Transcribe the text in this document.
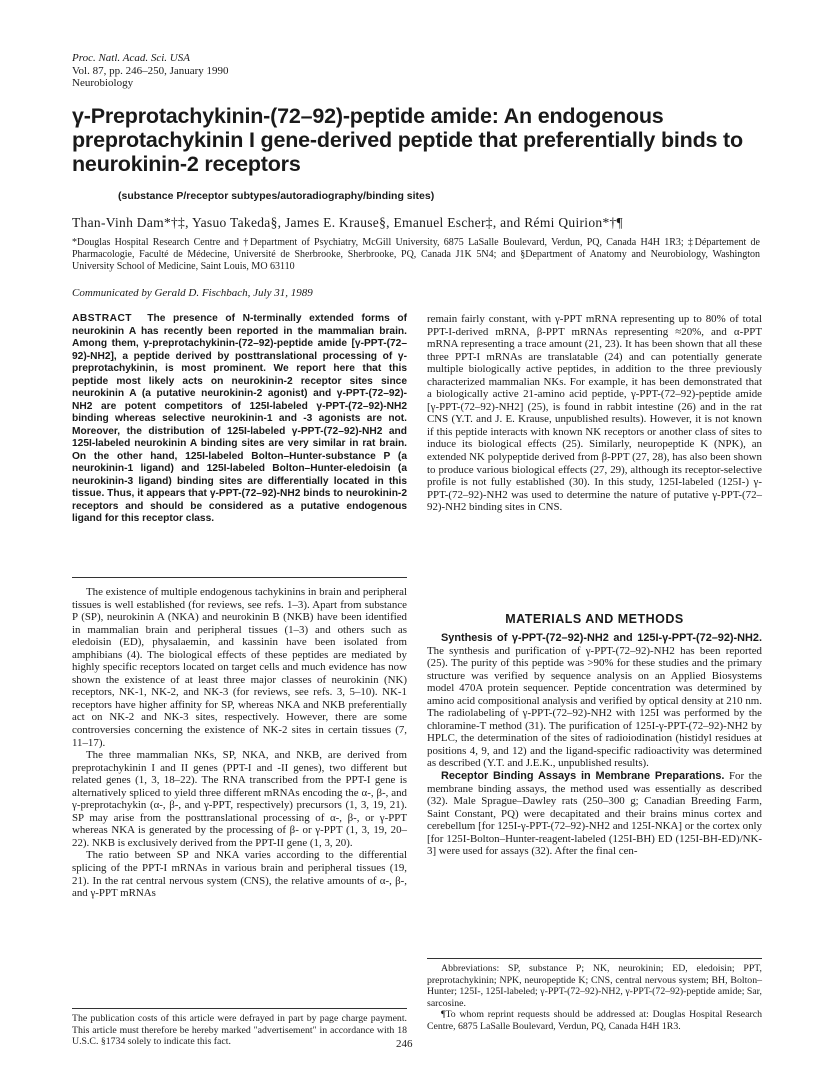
Proc. Natl. Acad. Sci. USA
Vol. 87, pp. 246–250, January 1990
Neurobiology
γ-Preprotachykinin-(72–92)-peptide amide: An endogenous preprotachykinin I gene-derived peptide that preferentially binds to neurokinin-2 receptors
(substance P/receptor subtypes/autoradiography/binding sites)
Than-Vinh Dam*†‡, Yasuo Takeda§, James E. Krause§, Emanuel Escher‡, and Rémi Quirion*†¶
*Douglas Hospital Research Centre and †Department of Psychiatry, McGill University, 6875 LaSalle Boulevard, Verdun, PQ, Canada H4H 1R3; ‡Département de Pharmacologie, Faculté de Médecine, Université de Sherbrooke, Sherbrooke, PQ, Canada J1K 5N4; and §Department of Anatomy and Neurobiology, Washington University School of Medicine, Saint Louis, MO 63110
Communicated by Gerald D. Fischbach, July 31, 1989
ABSTRACT The presence of N-terminally extended forms of neurokinin A has recently been reported in the mammalian brain. Among them, γ-preprotachykinin-(72–92)-peptide amide [γ-PPT-(72–92)-NH2], a peptide derived by posttranslational processing of γ-preprotachykinin, is most prominent. We report here that this peptide most likely acts on neurokinin-2 receptor sites since neurokinin A (a putative neurokinin-2 agonist) and γ-PPT-(72–92)-NH2 are potent competitors of 125I-labeled γ-PPT-(72–92)-NH2 binding whereas selective neurokinin-1 and -3 agonists are not. Moreover, the distribution of 125I-labeled γ-PPT-(72–92)-NH2 and 125I-labeled neurokinin A binding sites are very similar in rat brain. On the other hand, 125I-labeled Bolton–Hunter-substance P (a neurokinin-1 ligand) and 125I-labeled Bolton–Hunter-eledoisin (a neurokinin-3 ligand) binding sites are differentially located in this tissue. Thus, it appears that γ-PPT-(72–92)-NH2 binds to neurokinin-2 receptors and should be considered as a putative endogenous ligand for this receptor class.

The existence of multiple endogenous tachykinins in brain and peripheral tissues is well established (for reviews, see refs. 1–3). Apart from substance P (SP), neurokinin A (NKA) and neurokinin B (NKB) have been identified in mammalian brain and peripheral tissues (1–3) and others such as eledoisin (ED), physalaemin, and kassinin have been isolated from amphibians (4). The biological effects of these peptides are mediated by highly specific receptors located on target cells and much evidence has now shown the existence of at least three major classes of neurokinin (NK) receptors, NK-1, NK-2, and NK-3 (for reviews, see refs. 3, 5–10). NK-1 receptors have higher affinity for SP, whereas NKA and NKB preferentially act on NK-2 and NK-3 sites, respectively. However, there are some controversies concerning the existence of NK-2 sites in certain tissues (7, 11–17).

The three mammalian NKs, SP, NKA, and NKB, are derived from preprotachykinin I and II genes (PPT-I and -II genes), two different but related genes (1, 3, 18–22). The RNA transcribed from the PPT-I gene is alternatively spliced to yield three different mRNAs encoding the α-, β-, and γ-preprotachykin (α-, β-, and γ-PPT, respectively) precursors (1, 3, 19, 21). SP may arise from the posttranslational processing of α-, β-, or γ-PPT whereas NKA is generated by the processing of β- or γ-PPT (1, 3, 19, 20–22). NKB is exclusively derived from the PPT-II gene (1, 3, 20).

The ratio between SP and NKA varies according to the differential splicing of the PPT-I mRNAs in various brain and peripheral tissues (19, 21). In the rat central nervous system (CNS), the relative amounts of α-, β-, and γ-PPT mRNAs

The publication costs of this article were defrayed in part by page charge payment. This article must therefore be hereby marked "advertisement" in accordance with 18 U.S.C. §1734 solely to indicate this fact.

remain fairly constant, with γ-PPT mRNA representing up to 80% of total PPT-I-derived mRNA, β-PPT mRNAs representing ≈20%, and α-PPT mRNA representing a trace amount (21, 23). It has been shown that all these three PPT-I mRNAs are translatable (24) and can potentially generate multiple biologically active peptides, in addition to the three previously characterized mammalian NKs. For example, it has been demonstrated that a biologically active 21-amino acid peptide, γ-PPT-(72–92)-peptide amide [γ-PPT-(72–92)-NH2] (25), is found in rabbit intestine (26) and in the rat CNS (Y.T. and J. E. Krause, unpublished results). However, it is not known if this peptide interacts with known NK receptors or another class of sites to induce its biological effects (25). Similarly, neuropeptide K (NPK), an extended NK polypeptide derived from β-PPT (27, 28), has also been shown to produce various biological effects (27, 29), although its receptor-selective profile is not fully established (30). In this study, 125I-labeled (125I-) γ-PPT-(72–92)-NH2 was used to determine the nature of putative γ-PPT-(72–92)-NH2 binding sites in CNS.

MATERIALS AND METHODS

Synthesis of γ-PPT-(72–92)-NH2 and 125I-γ-PPT-(72–92)-NH2. The synthesis and purification of γ-PPT-(72–92)-NH2 has been reported (25). The purity of this peptide was >90% for these studies and the primary structure was verified by sequence analysis on an Applied Biosystems model 470A protein sequencer. Peptide concentration was determined by amino acid compositional analysis and verified by optical density at 210 nm. The radiolabeling of γ-PPT-(72–92)-NH2 with 125I was performed by the chloramine-T method (31). The purification of 125I-γ-PPT-(72–92)-NH2 by HPLC, the determination of the sites of radioiodination (histidyl residues at positions 4, 9, and 12) and the ligand-specific radioactivity was determined as described (Y.T. and J.E.K., unpublished results).

Receptor Binding Assays in Membrane Preparations. For the membrane binding assays, the method used was essentially as described (32). Male Sprague–Dawley rats (250–300 g; Canadian Breeding Farm, Saint Constant, PQ) were decapitated and their brains minus cortex and cerebellum [for 125I-γ-PPT-(72–92)-NH2 and 125I-NKA] or the cortex only [for 125I-Bolton–Hunter-reagent-labeled (125I-BH) ED (125I-BH-ED)/NK-3] were used for assays (32). After the final cen-

Abbreviations: SP, substance P; NK, neurokinin; ED, eledoisin; PPT, preprotachykinin; NPK, neuropeptide K; CNS, central nervous system; BH, Bolton–Hunter; 125I-, 125I-labeled; γ-PPT-(72–92)-NH2, γ-PPT-(72–92)-peptide amide; Sar, sarcosine.
¶To whom reprint requests should be addressed at: Douglas Hospital Research Centre, 6875 LaSalle Boulevard, Verdun, PQ, Canada H4H 1R3.
246
